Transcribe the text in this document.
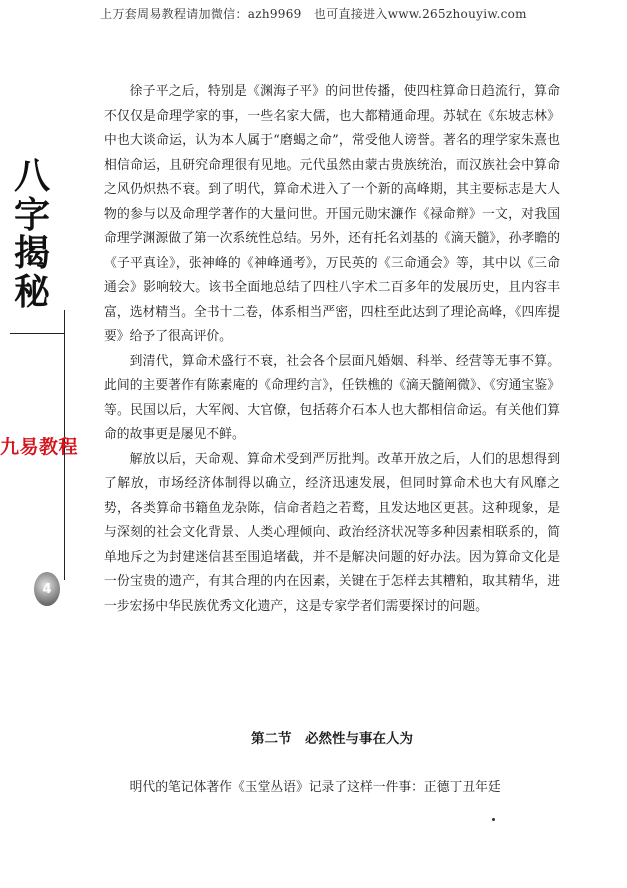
上万套周易教程请加微信：azh9969　也可直接进入www.265zhouyiw.com
八
字
揭
秘
九易教程
4

徐子平之后，特别是《渊海子平》的问世传播，使四柱算命日趋流行，算命不仅仅是命理学家的事，一些名家大儒，也大都精通命理。苏轼在《东坡志林》中也大谈命运，认为本人属于“磨蝎之命”，常受他人谤誉。著名的理学家朱熹也相信命运，且研究命理很有见地。元代虽然由蒙古贵族统治，而汉族社会中算命之风仍炽热不衰。到了明代，算命术进入了一个新的高峰期，其主要标志是大人物的参与以及命理学著作的大量问世。开国元勋宋濂作《禄命辩》一文，对我国命理学渊源做了第一次系统性总结。另外，还有托名刘基的《滴天髓》，孙孝瞻的《子平真诠》，张神峰的《神峰通考》，万民英的《三命通会》等，其中以《三命通会》影响较大。该书全面地总结了四柱八字术二百多年的发展历史，且内容丰富，选材精当。全书十二卷，体系相当严密，四柱至此达到了理论高峰，《四库提要》给予了很高评价。

到清代，算命术盛行不衰，社会各个层面凡婚姻、科举、经营等无事不算。此间的主要著作有陈素庵的《命理约言》，任铁樵的《滴天髓阐微》、《穷通宝鉴》等。民国以后，大军阀、大官僚，包括蒋介石本人也大都相信命运。有关他们算命的故事更是屡见不鲜。

解放以后，天命观、算命术受到严厉批判。改革开放之后，人们的思想得到了解放，市场经济体制得以确立，经济迅速发展，但同时算命术也大有风靡之势，各类算命书籍鱼龙杂陈，信命者趋之若鹜，且发达地区更甚。这种现象，是与深刻的社会文化背景、人类心理倾向、政治经济状况等多种因素相联系的，简单地斥之为封建迷信甚至围追堵截，并不是解决问题的好办法。因为算命文化是一份宝贵的遗产，有其合理的内在因素，关键在于怎样去其糟粕，取其精华，进一步宏扬中华民族优秀文化遗产，这是专家学者们需要探讨的问题。

第二节　必然性与事在人为
明代的笔记体著作《玉堂丛语》记录了这样一件事：正德丁丑年廷
